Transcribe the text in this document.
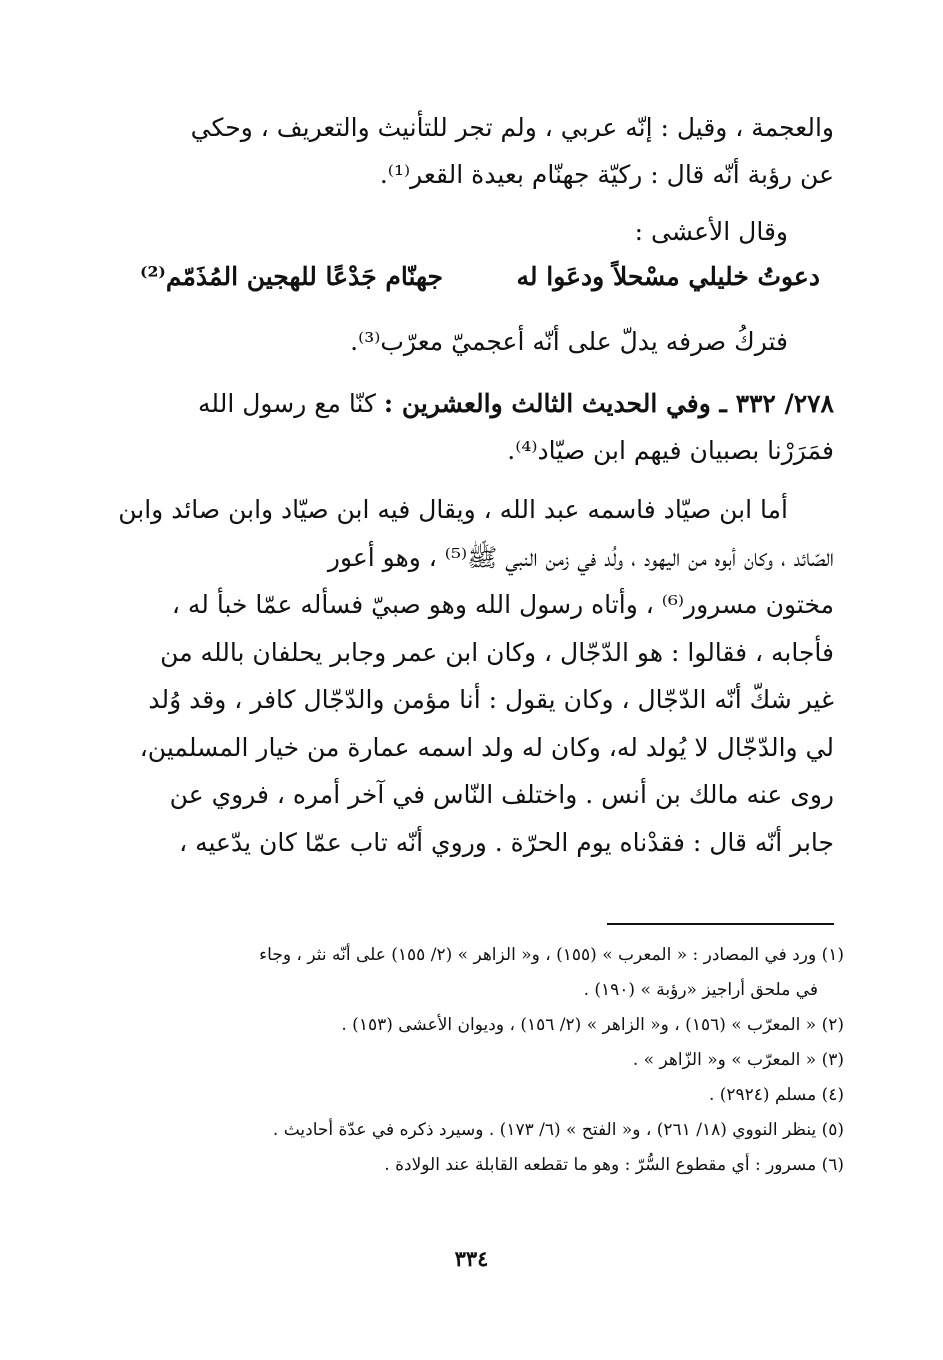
والعجمة ، وقيل : إنّه عربي ، ولم تجر للتأنيث والتعريف ، وحكي
عن رؤبة أنّه قال : ركيّة جهنّام بعيدة القعر⁽¹⁾.
وقال الأعشى :
دعوتُ خليلي مسْحلاً ودعَوا له
جهنّام جَدْعًا للهجين المُذَمّم⁽²⁾
فتركُ صرفه يدلّ على أنّه أعجميّ معرّب⁽³⁾.
٢٧٨/ ٣٣٢ ـ وفي الحديث الثالث والعشرين : كنّا مع رسول الله
فمَرَرْنا بصبيان فيهم ابن صيّاد⁽⁴⁾.
أما ابن صيّاد فاسمه عبد الله ، ويقال فيه ابن صيّاد وابن صائد وابن
الصّائد ، وكان أبوه من اليهود ، ولُد في زمن النبي ﷺ⁽⁵⁾ ، وهو أعور
مختون مسرور⁽⁶⁾ ، وأتاه رسول الله وهو صبيّ فسأله عمّا خبأ له ،
فأجابه ، فقالوا : هو الدّجّال ، وكان ابن عمر وجابر يحلفان بالله من
غير شكّ أنّه الدّجّال ، وكان يقول : أنا مؤمن والدّجّال كافر ، وقد وُلد
لي والدّجّال لا يُولد له، وكان له ولد اسمه عمارة من خيار المسلمين،
روى عنه مالك بن أنس . واختلف النّاس في آخر أمره ، فروي عن
جابر أنّه قال : فقدْناه يوم الحرّة . وروي أنّه تاب عمّا كان يدّعيه ،
(١) ورد في المصادر : « المعرب » (١٥٥) ، و« الزاهر » (٢/ ١٥٥) على أنّه نثر ، وجاء
في ملحق أراجيز «رؤبة » (١٩٠) .
(٢) « المعرّب » (١٥٦) ، و« الزاهر » (٢/ ١٥٦) ، وديوان الأعشى (١٥٣) .
(٣) « المعرّب » و« الزّاهر » .
(٤) مسلم (٢٩٢٤) .
(٥) ينظر النووي (١٨/ ٢٦١) ، و« الفتح » (٦/ ١٧٣) . وسيرد ذكره في عدّة أحاديث .
(٦) مسرور : أي مقطوع السُّرّ : وهو ما تقطعه القابلة عند الولادة .
٣٣٤
